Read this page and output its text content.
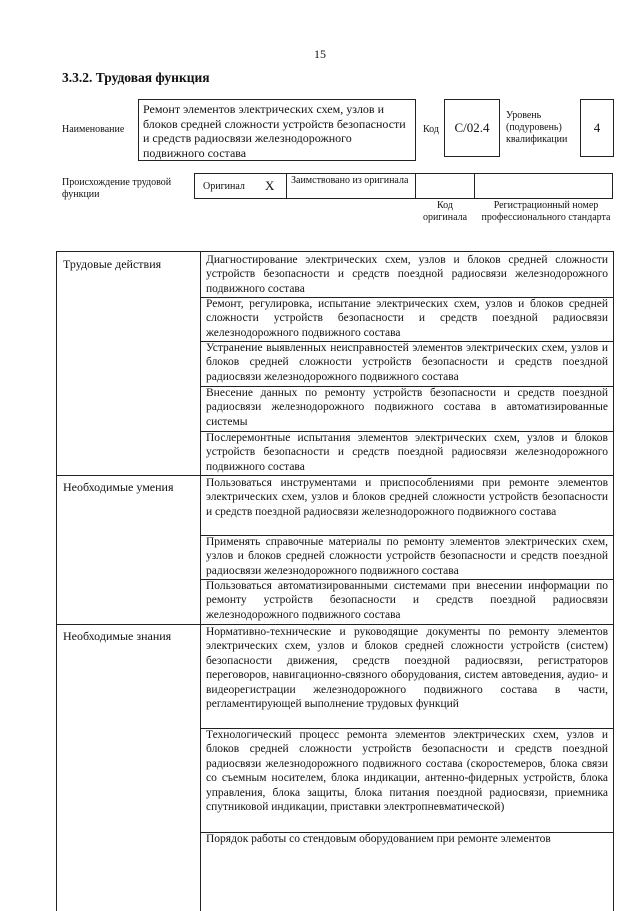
15
3.3.2. Трудовая функция
Наименование
Ремонт элементов электрических схем, узлов и блоков средней сложности устройств безопасности и средств радиосвязи железнодорожного подвижного состава
Код С/02.4
Уровень (подуровень) квалификации
4
Происхождение трудовой функции
Оригинал X Заимствовано из оригинала
Код оригинала
Регистрационный номер профессионального стандарта
Трудовые действия	Диагностирование электрических схем, узлов и блоков средней сложности устройств безопасности и средств поездной радиосвязи железнодорожного подвижного состава
Ремонт, регулировка, испытание электрических схем, узлов и блоков средней сложности устройств безопасности и средств поездной радиосвязи железнодорожного подвижного состава
Устранение выявленных неисправностей элементов электрических схем, узлов и блоков средней сложности устройств безопасности и средств поездной радиосвязи железнодорожного подвижного состава
Внесение данных по ремонту устройств безопасности и средств поездной радиосвязи железнодорожного подвижного состава в автоматизированные системы
Послеремонтные испытания элементов электрических схем, узлов и блоков устройств безопасности и средств поездной радиосвязи железнодорожного подвижного состава
Необходимые умения	Пользоваться инструментами и приспособлениями при ремонте элементов электрических схем, узлов и блоков средней сложности устройств безопасности и средств поездной радиосвязи железнодорожного подвижного состава
Применять справочные материалы по ремонту элементов электрических схем, узлов и блоков средней сложности устройств безопасности и средств поездной радиосвязи железнодорожного подвижного состава
Пользоваться автоматизированными системами при внесении информации по ремонту устройств безопасности и средств поездной радиосвязи железнодорожного подвижного состава
Необходимые знания	Нормативно-технические и руководящие документы по ремонту элементов электрических схем, узлов и блоков средней сложности устройств (систем) безопасности движения, средств поездной радиосвязи, регистраторов переговоров, навигационно-связного оборудования, систем автоведения, аудио- и видеорегистрации железнодорожного подвижного состава в части, регламентирующей выполнение трудовых функций
Технологический процесс ремонта элементов электрических схем, узлов и блоков средней сложности устройств безопасности и средств поездной радиосвязи железнодорожного подвижного состава (скоростемеров, блока связи со съемным носителем, блока индикации, антенно-фидерных устройств, блока управления, блока защиты, блока питания поездной радиосвязи, приемника спутниковой индикации, приставки электропневматической)
Порядок работы со стендовым оборудованием при ремонте элементов
